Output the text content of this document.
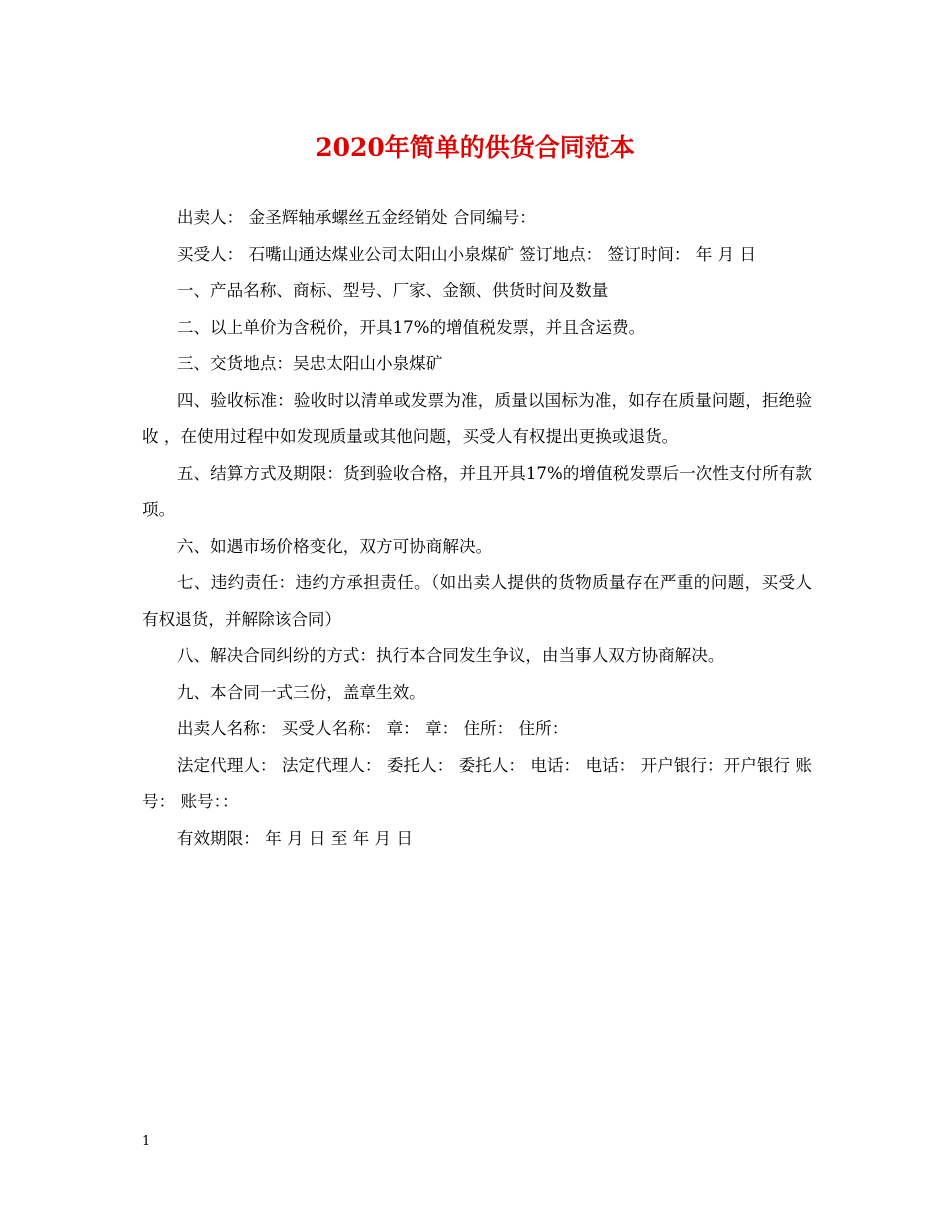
2020年简单的供货合同范本

出卖人： 金圣辉轴承螺丝五金经销处 合同编号：

买受人： 石嘴山通达煤业公司太阳山小泉煤矿 签订地点： 签订时间： 年 月 日

一、产品名称、商标、型号、厂家、金额、供货时间及数量

二、以上单价为含税价，开具17%的增值税发票，并且含运费。

三、交货地点：吴忠太阳山小泉煤矿

四、验收标准：验收时以清单或发票为准，质量以国标为准，如存在质量问题，拒绝验收 ，在使用过程中如发现质量或其他问题，买受人有权提出更换或退货。

五、结算方式及期限：货到验收合格，并且开具17%的增值税发票后一次性支付所有款项。

六、如遇市场价格变化，双方可协商解决。

七、违约责任：违约方承担责任。（如出卖人提供的货物质量存在严重的问题，买受人有权退货，并解除该合同）

八、解决合同纠纷的方式：执行本合同发生争议，由当事人双方协商解决。

九、本合同一式三份，盖章生效。

出卖人名称： 买受人名称： 章： 章： 住所： 住所：

法定代理人： 法定代理人： 委托人： 委托人： 电话： 电话： 开户银行：开户银行 账号： 账号：：

有效期限： 年 月 日 至 年 月 日

1
